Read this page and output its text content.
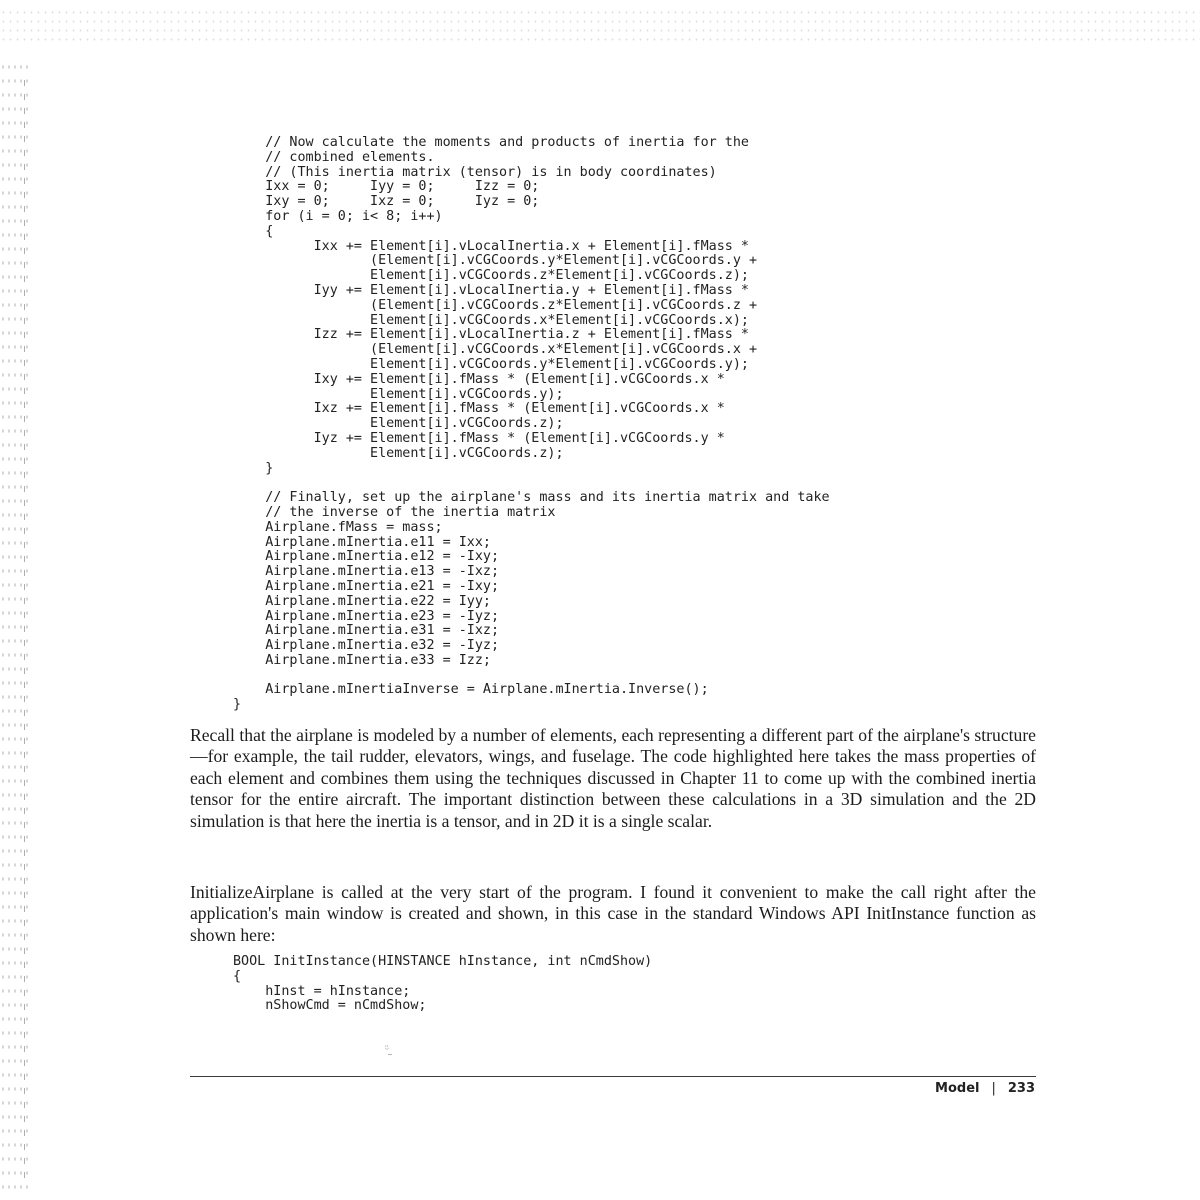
// Now calculate the moments and products of inertia for the
// combined elements.
// (This inertia matrix (tensor) is in body coordinates)
Ixx = 0;     Iyy = 0;     Izz = 0;
Ixy = 0;     Ixz = 0;     Iyz = 0;
for (i = 0; i< 8; i++)
{
Ixx += Element[i].vLocalInertia.x + Element[i].fMass *
(Element[i].vCGCoords.y*Element[i].vCGCoords.y +
Element[i].vCGCoords.z*Element[i].vCGCoords.z);
Iyy += Element[i].vLocalInertia.y + Element[i].fMass *
(Element[i].vCGCoords.z*Element[i].vCGCoords.z +
Element[i].vCGCoords.x*Element[i].vCGCoords.x);
Izz += Element[i].vLocalInertia.z + Element[i].fMass *
(Element[i].vCGCoords.x*Element[i].vCGCoords.x +
Element[i].vCGCoords.y*Element[i].vCGCoords.y);
Ixy += Element[i].fMass * (Element[i].vCGCoords.x *
Element[i].vCGCoords.y);
Ixz += Element[i].fMass * (Element[i].vCGCoords.x *
Element[i].vCGCoords.z);
Iyz += Element[i].fMass * (Element[i].vCGCoords.y *
Element[i].vCGCoords.z);
}

// Finally, set up the airplane's mass and its inertia matrix and take
// the inverse of the inertia matrix
Airplane.fMass = mass;
Airplane.mInertia.e11 = Ixx;
Airplane.mInertia.e12 = -Ixy;
Airplane.mInertia.e13 = -Ixz;
Airplane.mInertia.e21 = -Ixy;
Airplane.mInertia.e22 = Iyy;
Airplane.mInertia.e23 = -Iyz;
Airplane.mInertia.e31 = -Ixz;
Airplane.mInertia.e32 = -Iyz;
Airplane.mInertia.e33 = Izz;

Airplane.mInertiaInverse = Airplane.mInertia.Inverse();
}

Recall that the airplane is modeled by a number of elements, each representing a different part of the airplane's structure—for example, the tail rudder, elevators, wings, and fuselage. The code highlighted here takes the mass properties of each element and combines them using the techniques discussed in Chapter 11 to come up with the combined inertia tensor for the entire aircraft. The important distinction between these calculations in a 3D simulation and the 2D simulation is that here the inertia is a tensor, and in 2D it is a single scalar.

InitializeAirplane is called at the very start of the program. I found it convenient to make the call right after the application's main window is created and shown, in this case in the standard Windows API InitInstance function as shown here:

BOOL InitInstance(HINSTANCE hInstance, int nCmdShow)
{
hInst = hInstance;
nShowCmd = nCmdShow;
ᵕ̈ ̫
Model | 233
